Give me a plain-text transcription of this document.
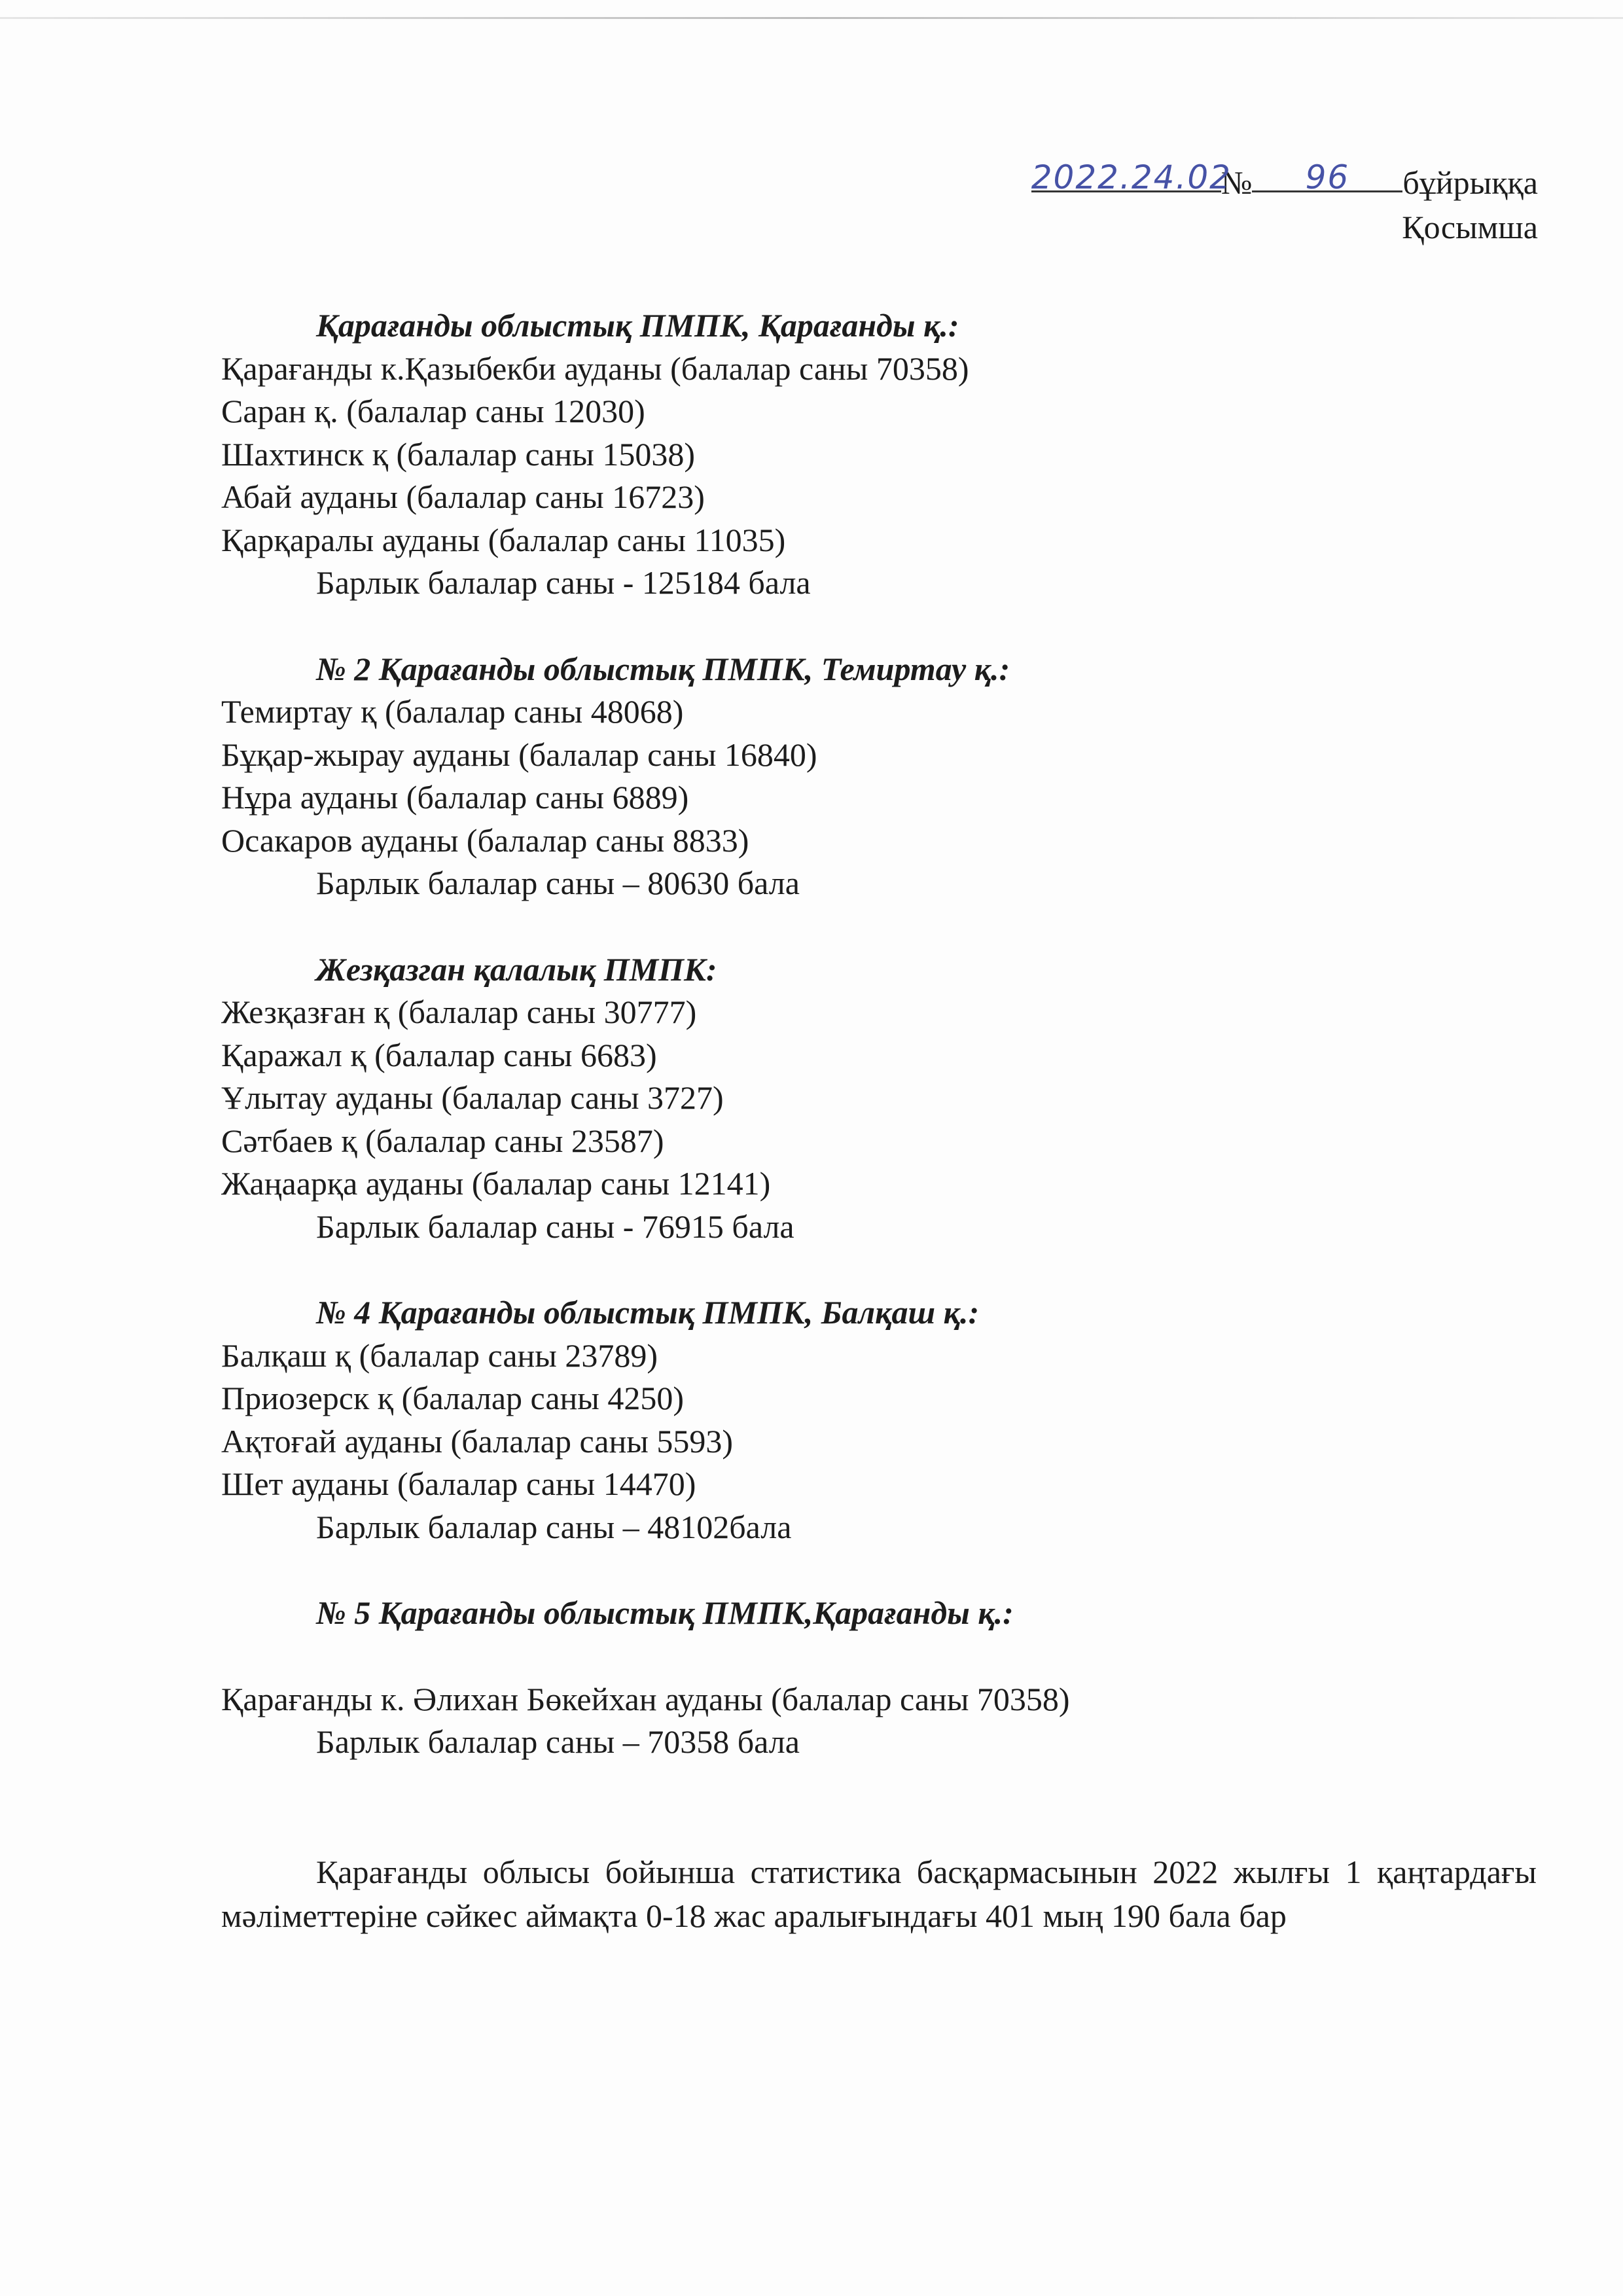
2022.24.02№ 96 бұйрыққа
Қосымша

Қарағанды облыстық ПМПК, Қарағанды қ.:

Қарағанды к.Қазыбекби ауданы (балалар саны 70358)

Саран қ. (балалар саны 12030)

Шахтинск қ (балалар саны 15038)

Абай ауданы (балалар саны 16723)

Қарқаралы ауданы (балалар саны 11035)

Барлык балалар саны - 125184 бала

№ 2 Қарағанды облыстық ПМПК, Темиртау қ.:

Темиртау қ (балалар саны 48068)

Бұқар-жырау ауданы (балалар саны 16840)

Нұра ауданы (балалар саны 6889)

Осакаров ауданы (балалар саны 8833)

Барлык балалар саны – 80630 бала

Жезқазган қалалық ПМПК:

Жезқазған қ (балалар саны 30777)

Қаражал қ (балалар саны 6683)

Ұлытау ауданы (балалар саны 3727)

Сәтбаев қ (балалар саны 23587)

Жаңаарқа ауданы (балалар саны 12141)

Барлык балалар саны - 76915 бала

№ 4 Қарағанды облыстық ПМПК, Балқаш қ.:

Балқаш қ (балалар саны 23789)

Приозерск қ (балалар саны 4250)

Ақтоғай ауданы (балалар саны 5593)

Шет ауданы (балалар саны 14470)

Барлык балалар саны – 48102бала

№ 5 Қарағанды облыстық ПМПК,Қарағанды қ.:

Қарағанды к. Әлихан Бөкейхан ауданы (балалар саны 70358)

Барлык балалар саны – 70358 бала

Қарағанды облысы бойынша статистика басқармасынын 2022 жылғы 1 қаңтардағы мәліметтеріне сәйкес аймақта 0-18 жас аралығындағы 401 мың 190 бала бар
